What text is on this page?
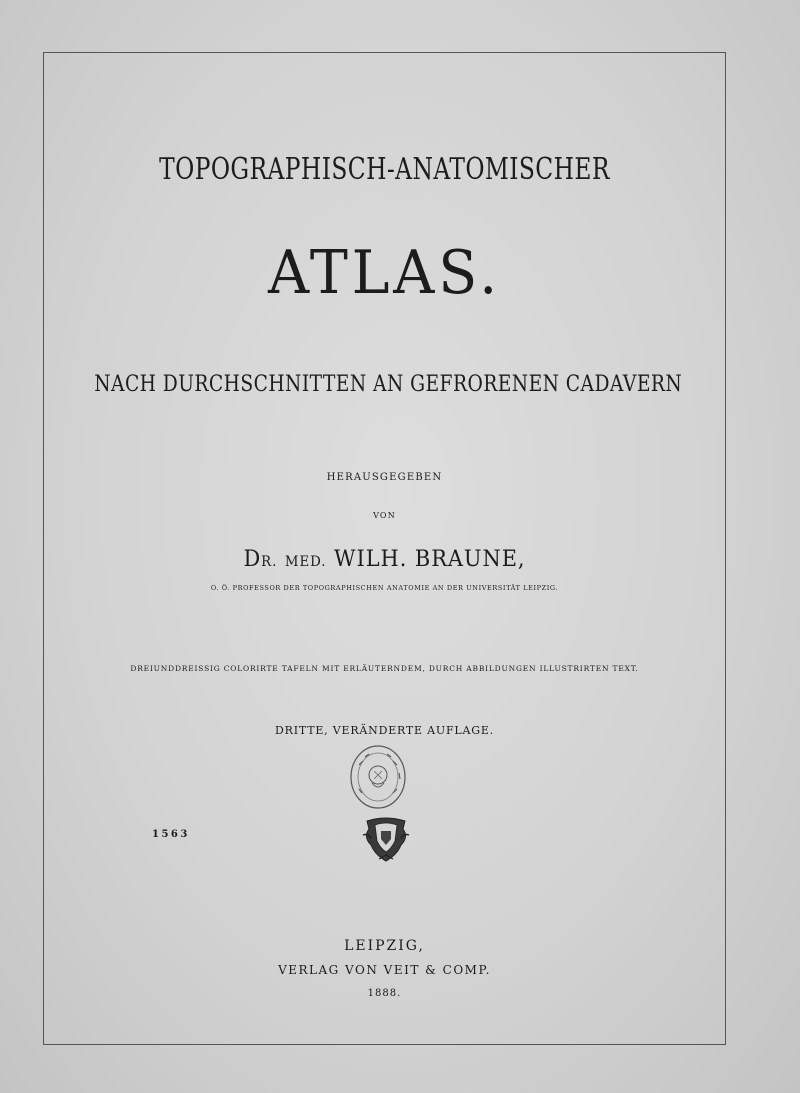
TOPOGRAPHISCH-ANATOMISCHER
ATLAS.
NACH DURCHSCHNITTEN AN GEFRORENEN CADAVERN
HERAUSGEGEBEN
VON
DR. MED. WILH. BRAUNE,
O. Ö. PROFESSOR DER TOPOGRAPHISCHEN ANATOMIE AN DER UNIVERSITÄT LEIPZIG.
DREIUNDDREISSIG COLORIRTE TAFELN MIT ERLÄUTERNDEM, DURCH ABBILDUNGEN ILLUSTRIRTEN TEXT.
DRITTE, VERÄNDERTE AUFLAGE.
1563
LEIPZIG,
VERLAG VON VEIT & COMP.
1888.
